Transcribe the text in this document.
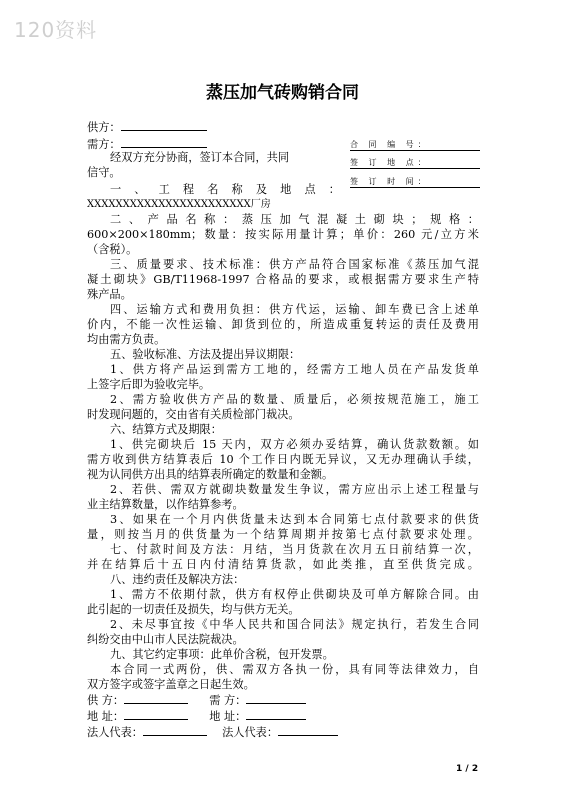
120资料
蒸压加气砖购销合同
供方：
需方：	合 同 编 号：
签 订 地 点：
签 订 时 间：
经双方充分协商，签订本合同，共同
信守。
一、工程名称及地点：
XXXXXXXXXXXXXXXXXXXXXXX厂房
二、产品名称：蒸压加气混凝土砌块；规格：
600×200×180mm；数量：按实际用量计算；单价：260 元/立方米
（含税）。
三、质量要求、技术标准：供方产品符合国家标准《蒸压加气混
凝土砌块》GB/T11968-1997 合格品的要求，或根据需方要求生产特
殊产品。
四、运输方式和费用负担：供方代运，运输、卸车费已含上述单
价内，不能一次性运输、卸货到位的，所造成重复转运的责任及费用
均由需方负责。
五、验收标准、方法及提出异议期限：
1、供方将产品运到需方工地的，经需方工地人员在产品发货单
上签字后即为验收完毕。
2、需方验收供方产品的数量、质量后，必须按规范施工，施工
时发现问题的，交由省有关质检部门裁决。
六、结算方式及期限：
1、供完砌块后 15 天内，双方必须办妥结算，确认货款数额。如
需方收到供方结算表后 10 个工作日内既无异议，又无办理确认手续，
视为认同供方出具的结算表所确定的数量和金额。
2、若供、需双方就砌块数量发生争议，需方应出示上述工程量与
业主结算数量，以作结算参考。
3、如果在一个月内供货量未达到本合同第七点付款要求的供货
量，则按当月的供货量为一个结算周期并按第七点付款要求处理。
七、付款时间及方法：月结，当月货款在次月五日前结算一次，
并在结算后十五日内付清结算货款，如此类推，直至供货完成。
八、违约责任及解决方法：
1、需方不依期付款，供方有权停止供砌块及可单方解除合同。由
此引起的一切责任及损失，均与供方无关。
2、未尽事宜按《中华人民共和国合同法》规定执行，若发生合同
纠纷交由中山市人民法院裁决。
九、其它约定事项：此单价含税，包开发票。
本合同一式两份，供、需双方各执一份，具有同等法律效力，自
双方签字或签字盖章之日起生效。
供 方：	需 方：
地 址：	地 址：
法人代表：	法人代表：
1 / 2
